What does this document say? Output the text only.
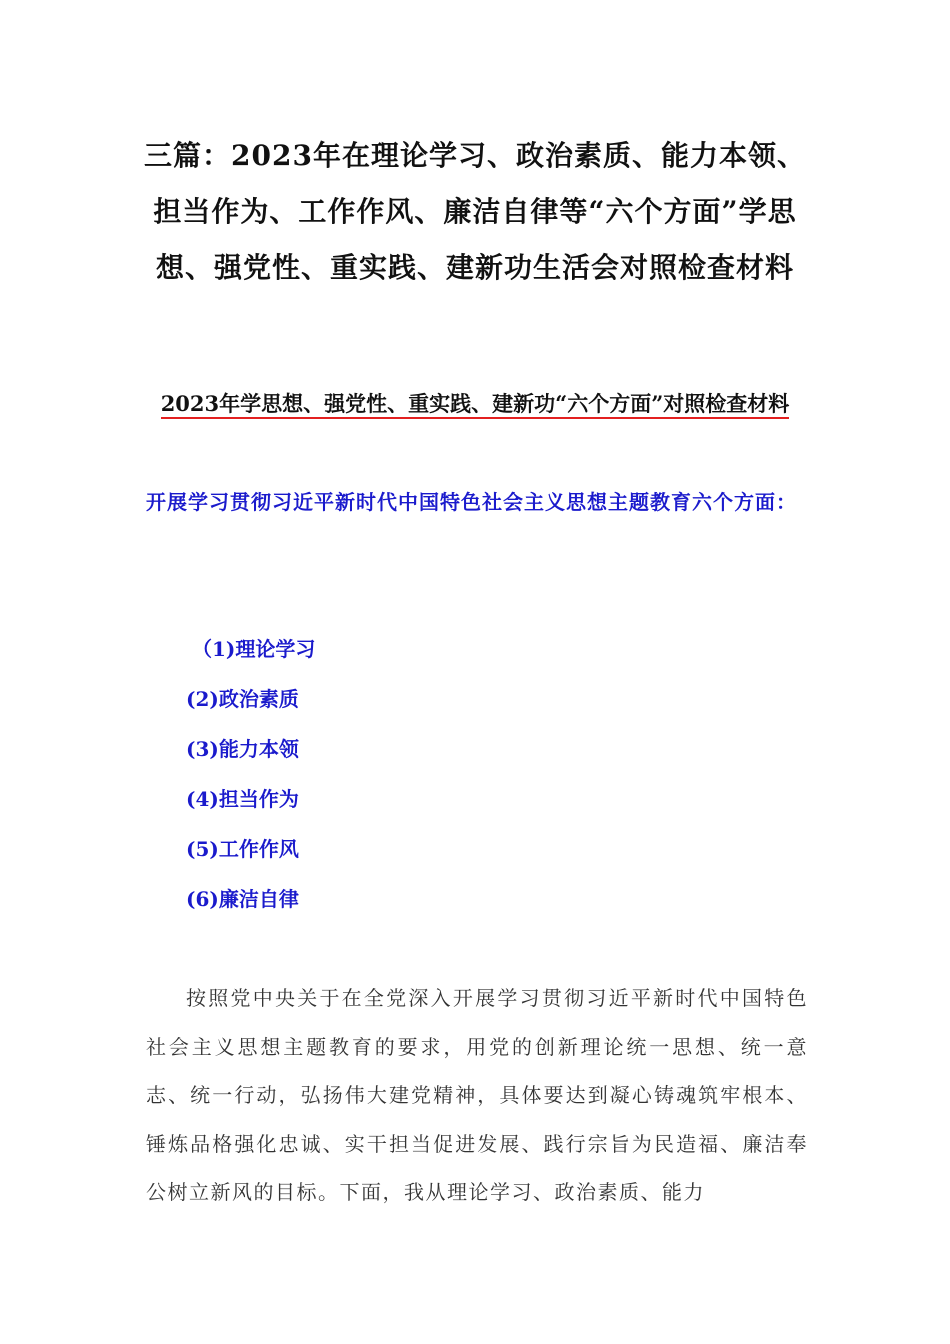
三篇：2023年在理论学习、政治素质、能力本领、担当作为、工作作风、廉洁自律等“六个方面”学思想、强党性、重实践、建新功生活会对照检查材料
2023年学思想、强党性、重实践、建新功“六个方面”对照检查材料

开展学习贯彻习近平新时代中国特色社会主义思想主题教育六个方面：

（1)理论学习
(2)政治素质
(3)能力本领
(4)担当作为
(5)工作作风
(6)廉洁自律

按照党中央关于在全党深入开展学习贯彻习近平新时代中国特色社会主义思想主题教育的要求，用党的创新理论统一思想、统一意志、统一行动，弘扬伟大建党精神，具体要达到凝心铸魂筑牢根本、锤炼品格强化忠诚、实干担当促进发展、践行宗旨为民造福、廉洁奉公树立新风的目标。下面，我从理论学习、政治素质、能力
